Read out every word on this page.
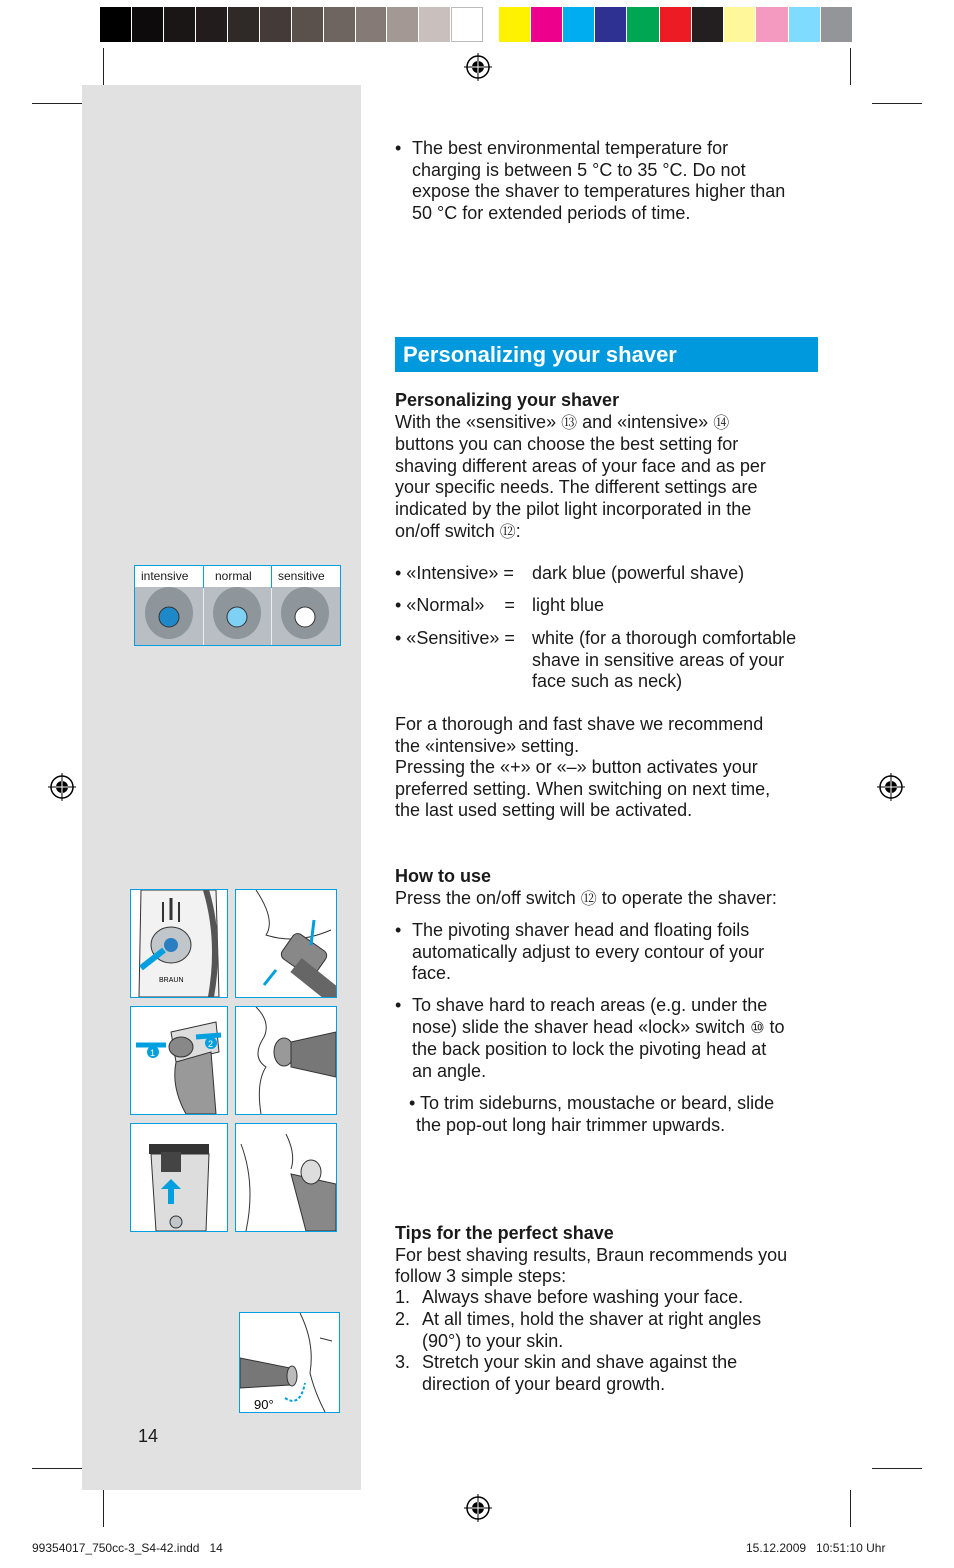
• The best environmental temperature for
charging is between 5 °C to 35 °C. Do not
expose the shaver to temperatures higher than
50 °C for extended periods of time.
Personalizing your shaver
Personalizing your shaver
With the «sensitive» ⑬ and «intensive» ⑭
buttons you can choose the best setting for
shaving different areas of your face and as per
your specific needs. The different settings are
indicated by the pilot light incorporated in the
on/off switch ⑫:
• «Intensive» = dark blue (powerful shave)
• «Normal»    = light blue
• «Sensitive» = white (for a thorough comfortable
shave in sensitive areas of your
face such as neck)
For a thorough and fast shave we recommend
the «intensive» setting.
Pressing the «+» or «–» button activates your
preferred setting. When switching on next time,
the last used setting will be activated.
How to use
Press the on/off switch ⑫ to operate the shaver:
• The pivoting shaver head and floating foils
automatically adjust to every contour of your
face.
• To shave hard to reach areas (e.g. under the
nose) slide the shaver head «lock» switch ⑩ to
the back position to lock the pivoting head at
an angle.
• To trim sideburns, moustache or beard, slide
the pop-out long hair trimmer upwards.
Tips for the perfect shave
For best shaving results, Braun recommends you
follow 3 simple steps:
1. Always shave before washing your face.
2. At all times, hold the shaver at right angles
(90°) to your skin.
3. Stretch your skin and shave against the
direction of your beard growth.
intensive normal sensitive
BRAUN
1
2
90°
14
99354017_750cc-3_S4-42.indd   14	15.12.2009   10:51:10 Uhr
